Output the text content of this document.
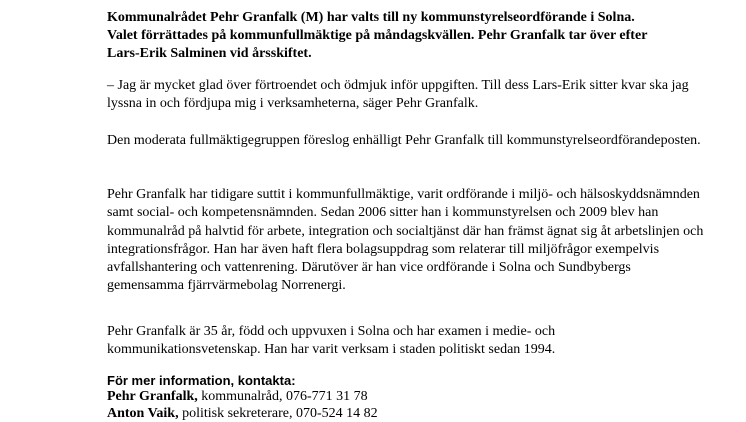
Kommunalrådet Pehr Granfalk (M) har valts till ny kommunstyrelseordförande i Solna. Valet förrättades på kommunfullmäktige på måndagskvällen. Pehr Granfalk tar över efter Lars-Erik Salminen vid årsskiftet.

– Jag är mycket glad över förtroendet och ödmjuk inför uppgiften. Till dess Lars-Erik sitter kvar ska jag lyssna in och fördjupa mig i verksamheterna, säger Pehr Granfalk.

Den moderata fullmäktigegruppen föreslog enhälligt Pehr Granfalk till kommunstyrelseordförandeposten.

Pehr Granfalk har tidigare suttit i kommunfullmäktige, varit ordförande i miljö- och hälsoskyddsnämnden samt social- och kompetensnämnden. Sedan 2006 sitter han i kommunstyrelsen och 2009 blev han kommunalråd på halvtid för arbete, integration och socialtjänst där han främst ägnat sig åt arbetslinjen och integrationsfrågor. Han har även haft flera bolagsuppdrag som relaterar till miljöfrågor exempelvis avfallshantering och vattenrening. Därutöver är han vice ordförande i Solna och Sundbybergs gemensamma fjärrvärmebolag Norrenergi.

Pehr Granfalk är 35 år, född och uppvuxen i Solna och har examen i medie- och kommunikationsvetenskap. Han har varit verksam i staden politiskt sedan 1994.

För mer information, kontakta:

Pehr Granfalk, kommunalråd, 076-771 31 78

Anton Vaik, politisk sekreterare, 070-524 14 82
